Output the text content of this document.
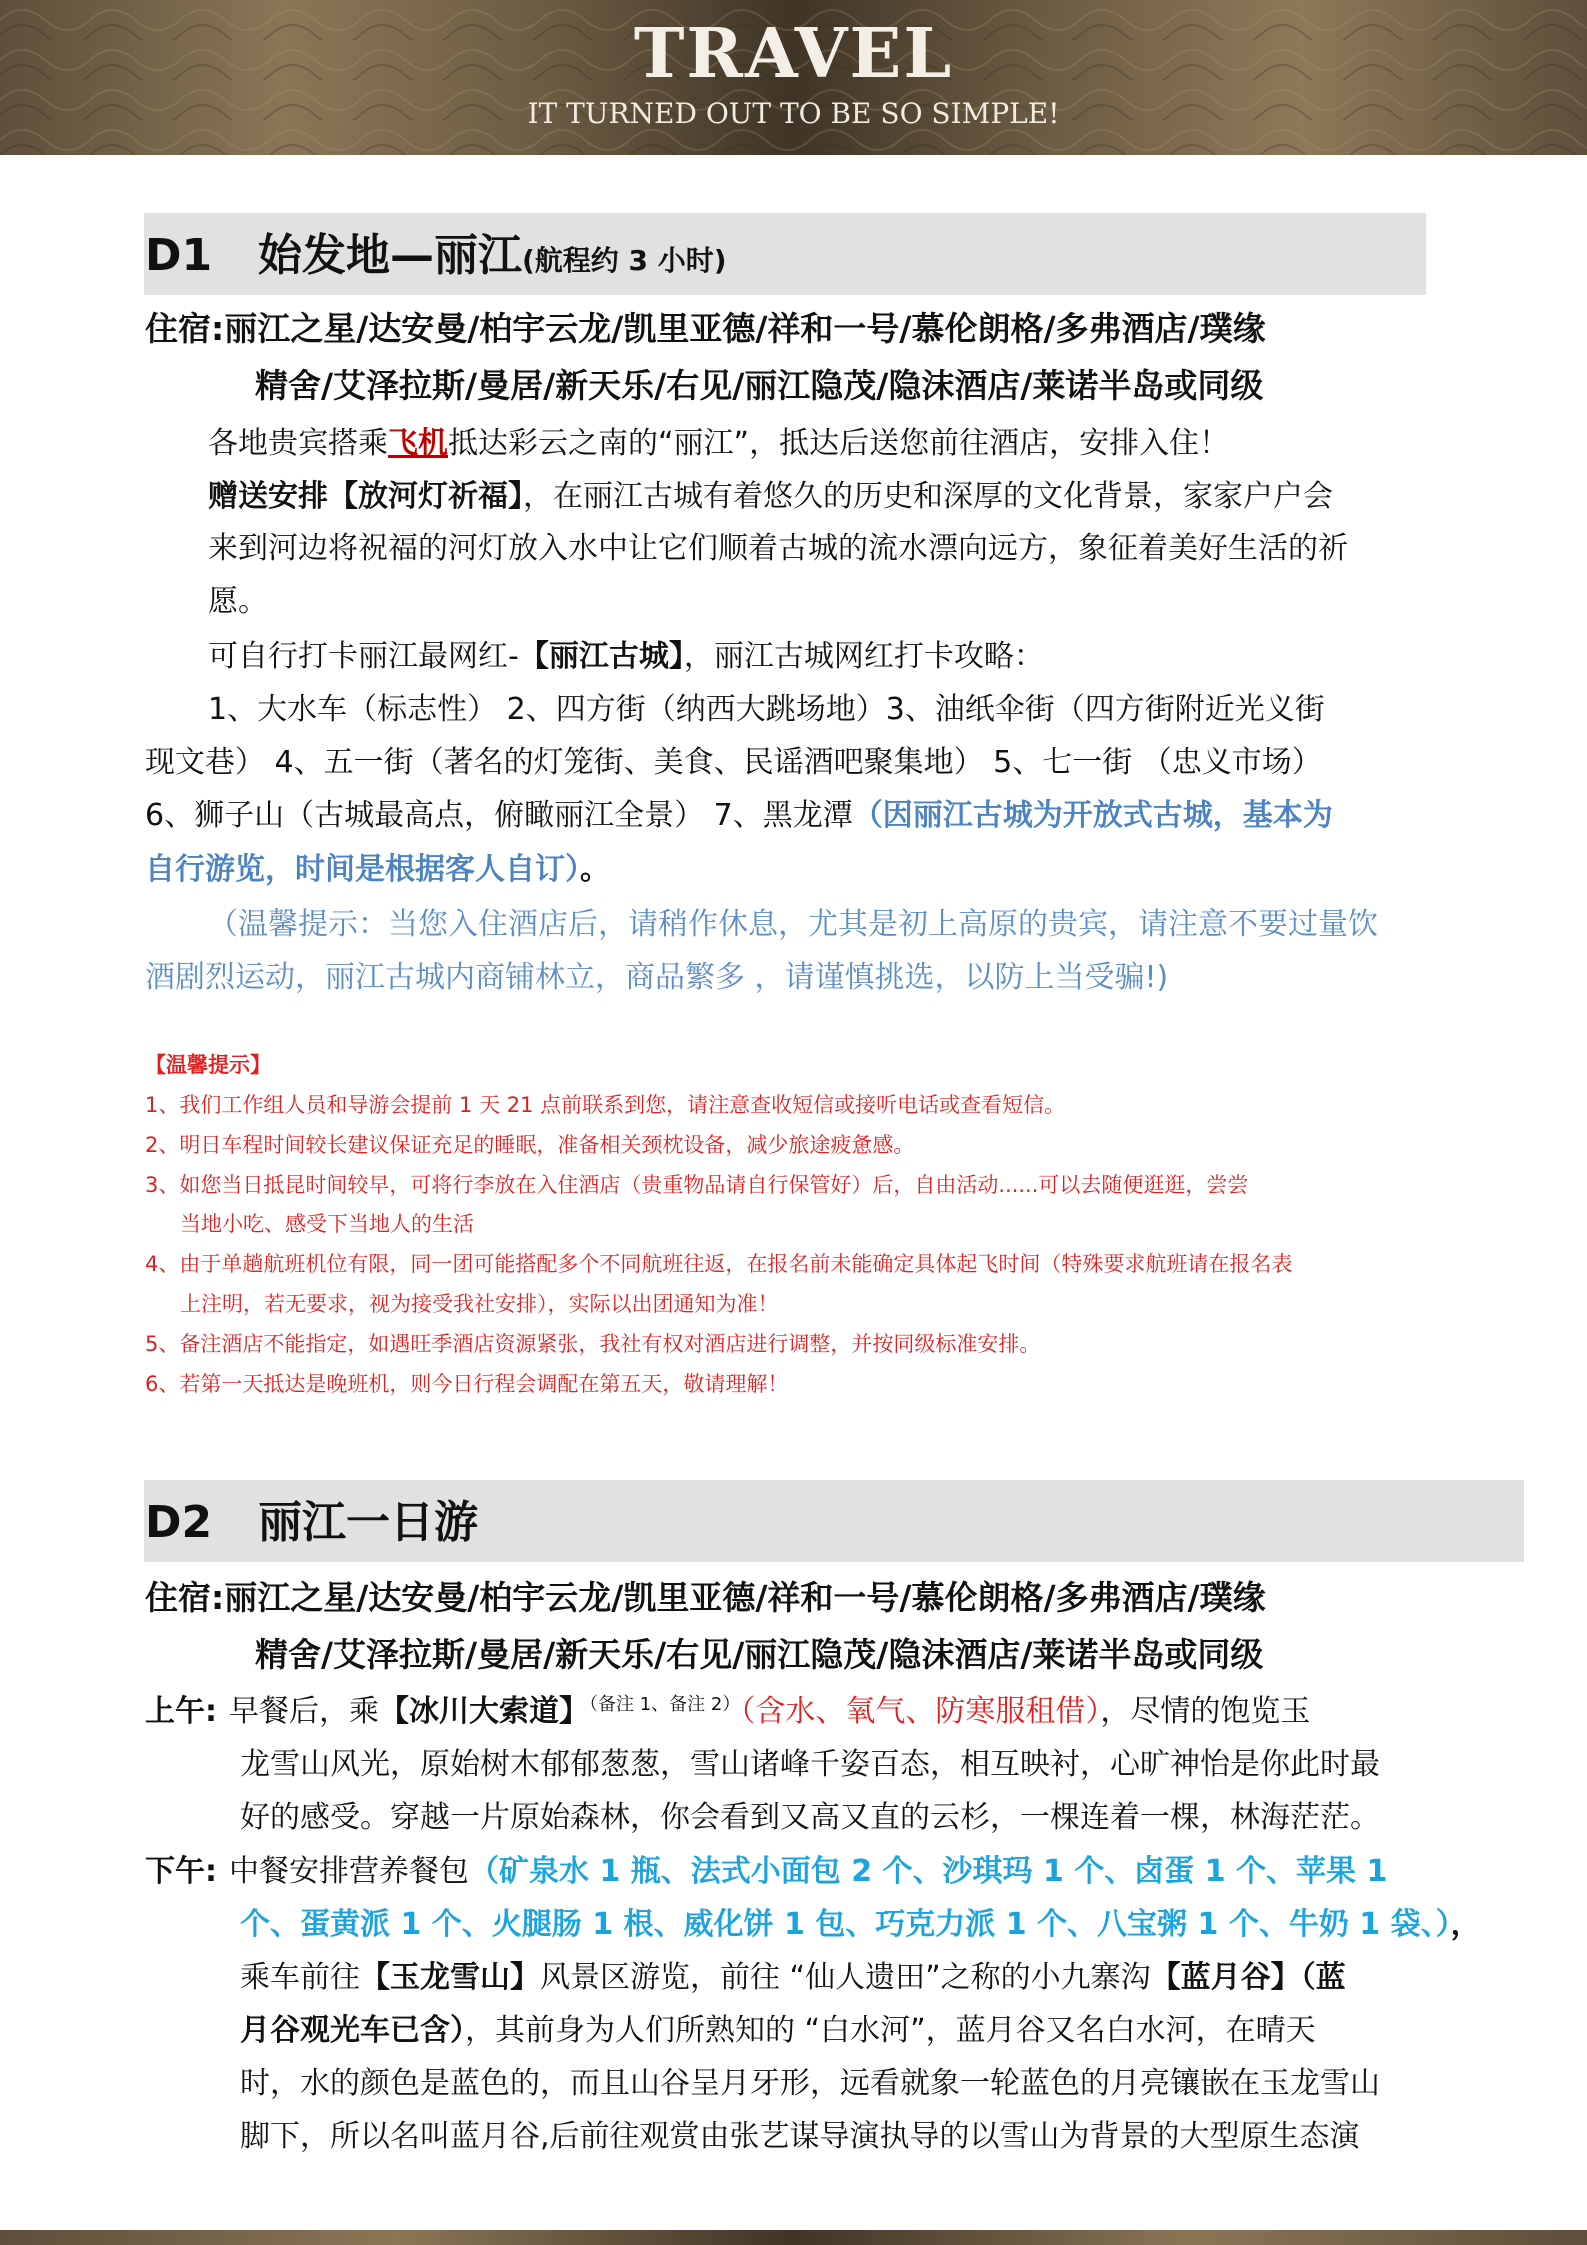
TRAVEL
IT TURNED OUT TO BE SO SIMPLE!
D1 始发地—丽江(航程约 3 小时)
住宿:丽江之星/达安曼/柏宇云龙/凯里亚德/祥和一号/慕伦朗格/多弗酒店/璞缘
精舍/艾泽拉斯/曼居/新天乐/右见/丽江隐茂/隐沫酒店/莱诺半岛或同级
各地贵宾搭乘飞机抵达彩云之南的“丽江”，抵达后送您前往酒店，安排入住！
赠送安排【放河灯祈福】，在丽江古城有着悠久的历史和深厚的文化背景，家家户户会
来到河边将祝福的河灯放入水中让它们顺着古城的流水漂向远方，象征着美好生活的祈
愿。
可自行打卡丽江最网红-【丽江古城】，丽江古城网红打卡攻略：
1、大水车（标志性） 2、四方街（纳西大跳场地）3、油纸伞街（四方街附近光义街
现文巷） 4、五一街（著名的灯笼街、美食、民谣酒吧聚集地） 5、七一街 （忠义市场）
6、狮子山（古城最高点，俯瞰丽江全景） 7、黑龙潭（因丽江古城为开放式古城，基本为
自行游览，时间是根据客人自订）。
（温馨提示：当您入住酒店后，请稍作休息，尤其是初上高原的贵宾，请注意不要过量饮
酒剧烈运动，丽江古城内商铺林立，商品繁多 ，请谨慎挑选，以防上当受骗!)
【温馨提示】
1、我们工作组人员和导游会提前 1 天 21 点前联系到您，请注意查收短信或接听电话或查看短信。
2、明日车程时间较长建议保证充足的睡眠，准备相关颈枕设备，减少旅途疲惫感。
3、如您当日抵昆时间较早，可将行李放在入住酒店（贵重物品请自行保管好）后，自由活动......可以去随便逛逛，尝尝
当地小吃、感受下当地人的生活
4、由于单趟航班机位有限，同一团可能搭配多个不同航班往返，在报名前未能确定具体起飞时间（特殊要求航班请在报名表
上注明，若无要求，视为接受我社安排），实际以出团通知为准！
5、备注酒店不能指定，如遇旺季酒店资源紧张，我社有权对酒店进行调整，并按同级标准安排。
6、若第一天抵达是晚班机，则今日行程会调配在第五天，敬请理解！
D2 丽江一日游
住宿:丽江之星/达安曼/柏宇云龙/凯里亚德/祥和一号/慕伦朗格/多弗酒店/璞缘
精舍/艾泽拉斯/曼居/新天乐/右见/丽江隐茂/隐沫酒店/莱诺半岛或同级
上午: 早餐后，乘【冰川大索道】$^{(备注 1、备注 2)}$（含水、氧气、防寒服租借），尽情的饱览玉
龙雪山风光，原始树木郁郁葱葱，雪山诸峰千姿百态，相互映衬，心旷神怡是你此时最
好的感受。穿越一片原始森林，你会看到又高又直的云杉，一棵连着一棵，林海茫茫。
下午: 中餐安排营养餐包（矿泉水 1 瓶、法式小面包 2 个、沙琪玛 1 个、卤蛋 1 个、苹果 1
个、蛋黄派 1 个、火腿肠 1 根、威化饼 1 包、巧克力派 1 个、八宝粥 1 个、牛奶 1 袋、），
乘车前往【玉龙雪山】风景区游览，前往 “仙人遗田”之称的小九寨沟【蓝月谷】（蓝
月谷观光车已含），其前身为人们所熟知的 “白水河”，蓝月谷又名白水河，在晴天
时，水的颜色是蓝色的，而且山谷呈月牙形，远看就象一轮蓝色的月亮镶嵌在玉龙雪山
脚下，所以名叫蓝月谷,后前往观赏由张艺谋导演执导的以雪山为背景的大型原生态演
